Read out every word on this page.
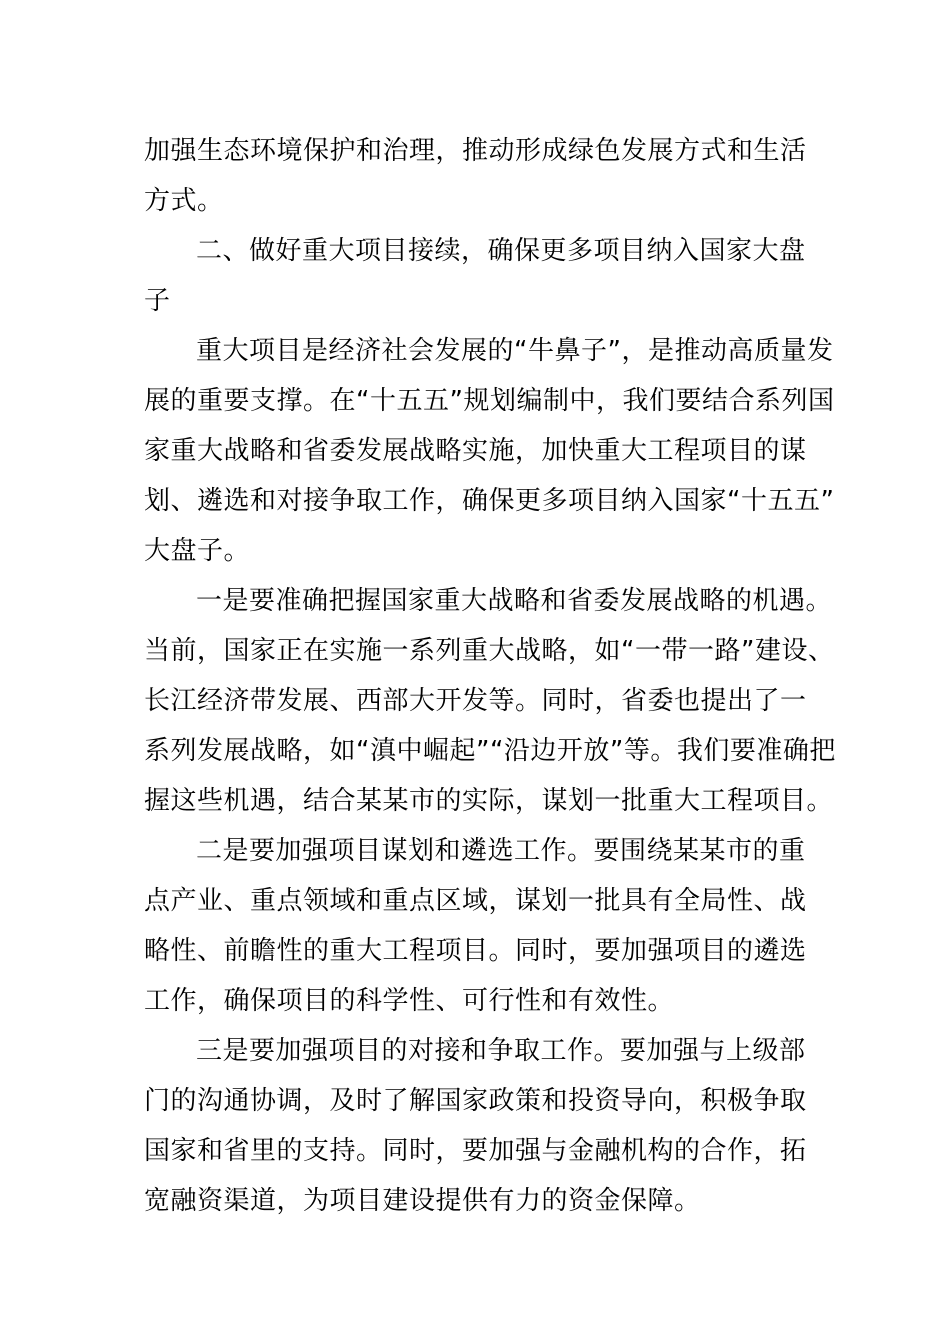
加强生态环境保护和治理，推动形成绿色发展方式和生活
方式。
二、做好重大项目接续，确保更多项目纳入国家大盘
子
重大项目是经济社会发展的“牛鼻子”，是推动高质量发
展的重要支撑。在“十五五”规划编制中，我们要结合系列国
家重大战略和省委发展战略实施，加快重大工程项目的谋
划、遴选和对接争取工作，确保更多项目纳入国家“十五五”
大盘子。
一是要准确把握国家重大战略和省委发展战略的机遇。
当前，国家正在实施一系列重大战略，如“一带一路”建设、
长江经济带发展、西部大开发等。同时，省委也提出了一
系列发展战略，如“滇中崛起”“沿边开放”等。我们要准确把
握这些机遇，结合某某市的实际，谋划一批重大工程项目。
二是要加强项目谋划和遴选工作。要围绕某某市的重
点产业、重点领域和重点区域，谋划一批具有全局性、战
略性、前瞻性的重大工程项目。同时，要加强项目的遴选
工作，确保项目的科学性、可行性和有效性。
三是要加强项目的对接和争取工作。要加强与上级部
门的沟通协调，及时了解国家政策和投资导向，积极争取
国家和省里的支持。同时，要加强与金融机构的合作，拓
宽融资渠道，为项目建设提供有力的资金保障。
